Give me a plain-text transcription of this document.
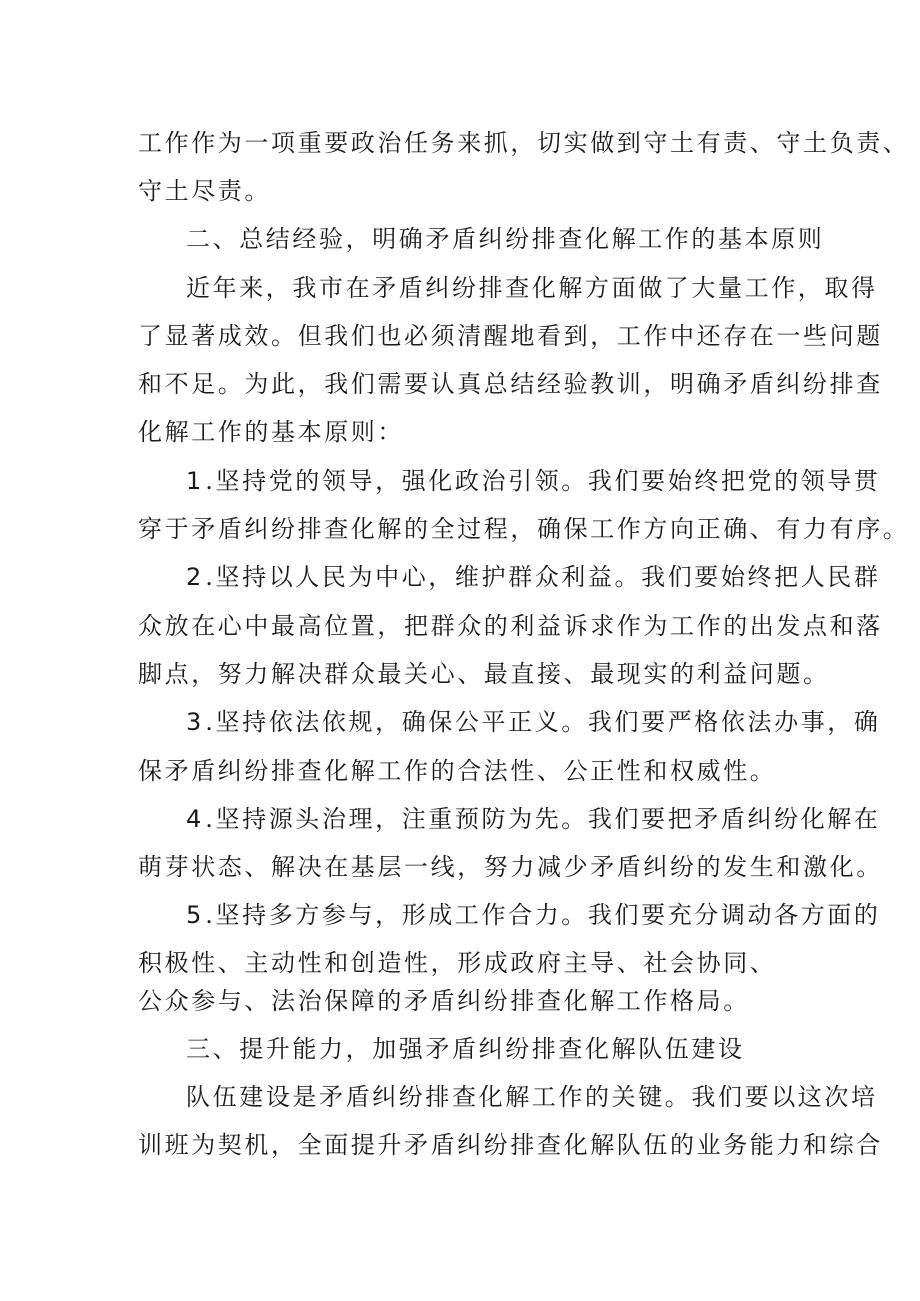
工作作为一项重要政治任务来抓，切实做到守土有责、守土负责、
守土尽责。
二、总结经验，明确矛盾纠纷排查化解工作的基本原则
近年来，我市在矛盾纠纷排查化解方面做了大量工作，取得
了显著成效。但我们也必须清醒地看到，工作中还存在一些问题
和不足。为此，我们需要认真总结经验教训，明确矛盾纠纷排查
化解工作的基本原则：
1.坚持党的领导，强化政治引领。我们要始终把党的领导贯
穿于矛盾纠纷排查化解的全过程，确保工作方向正确、有力有序。
2.坚持以人民为中心，维护群众利益。我们要始终把人民群
众放在心中最高位置，把群众的利益诉求作为工作的出发点和落
脚点，努力解决群众最关心、最直接、最现实的利益问题。
3.坚持依法依规，确保公平正义。我们要严格依法办事，确
保矛盾纠纷排查化解工作的合法性、公正性和权威性。
4.坚持源头治理，注重预防为先。我们要把矛盾纠纷化解在
萌芽状态、解决在基层一线，努力减少矛盾纠纷的发生和激化。
5.坚持多方参与，形成工作合力。我们要充分调动各方面的
积极性、主动性和创造性，形成政府主导、社会协同、
公众参与、法治保障的矛盾纠纷排查化解工作格局。
三、提升能力，加强矛盾纠纷排查化解队伍建设
队伍建设是矛盾纠纷排查化解工作的关键。我们要以这次培
训班为契机，全面提升矛盾纠纷排查化解队伍的业务能力和综合
